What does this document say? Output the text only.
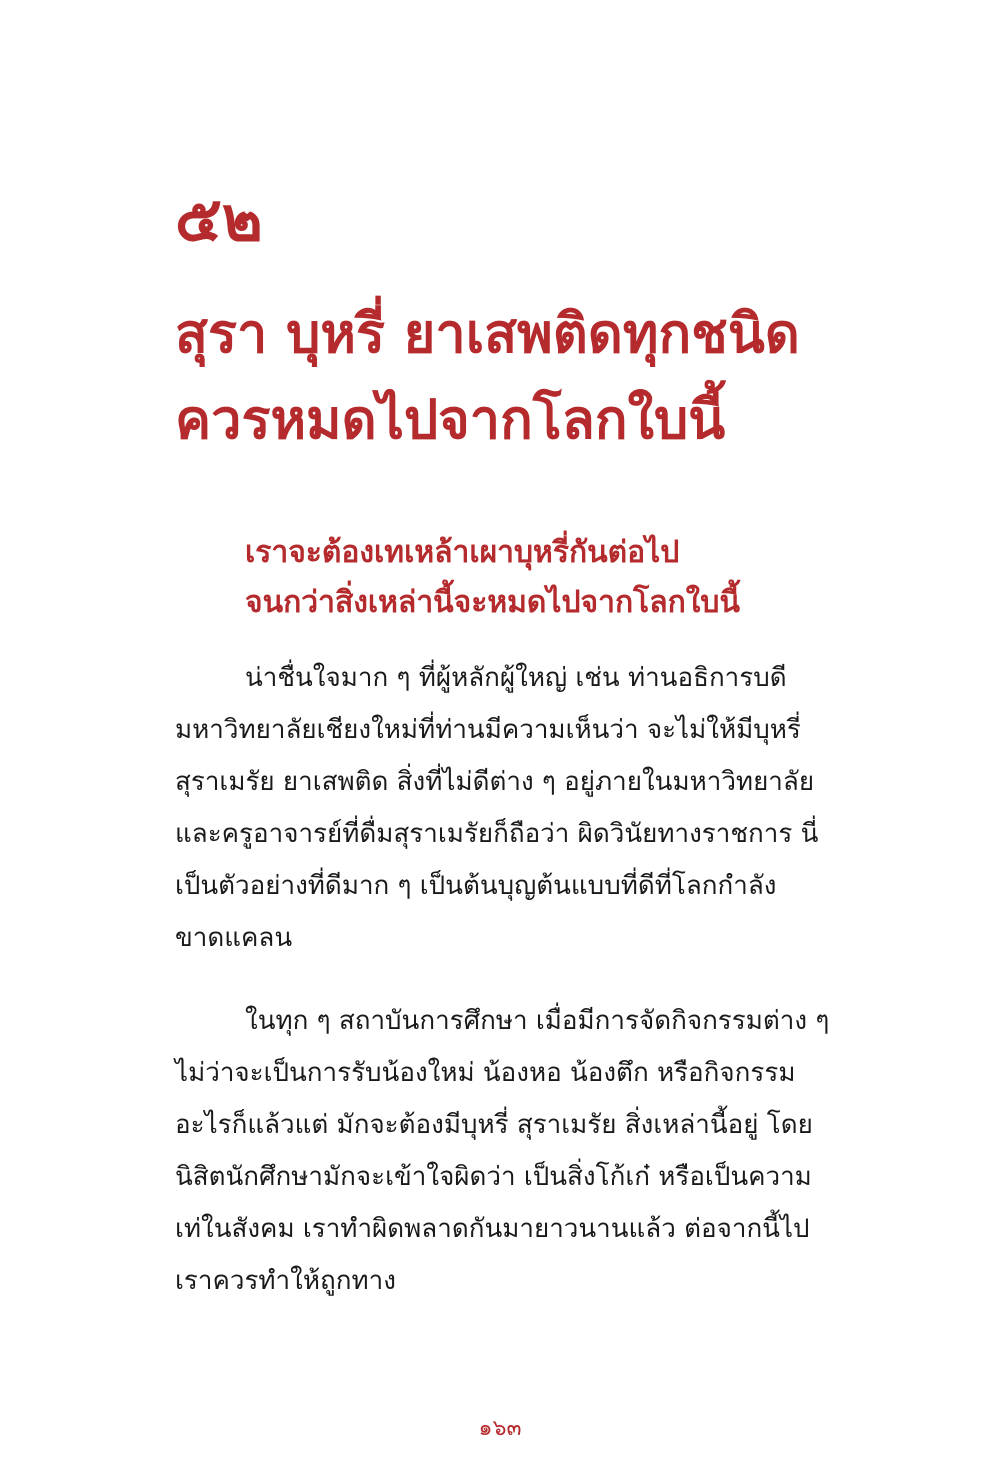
๕๒
สุรา บุหรี่ ยาเสพติดทุกชนิด
ควรหมดไปจากโลกใบนี้
เราจะต้องเทเหล้าเผาบุหรี่กันต่อไป
จนกว่าสิ่งเหล่านี้จะหมดไปจากโลกใบนี้
น่าชื่นใจมาก ๆ ที่ผู้หลักผู้ใหญ่ เช่น ท่านอธิการบดี
มหาวิทยาลัยเชียงใหม่ที่ท่านมีความเห็นว่า จะไม่ให้มีบุหรี่
สุราเมรัย ยาเสพติด สิ่งที่ไม่ดีต่าง ๆ อยู่ภายในมหาวิทยาลัย
และครูอาจารย์ที่ดื่มสุราเมรัยก็ถือว่า ผิดวินัยทางราชการ นี่
เป็นตัวอย่างที่ดีมาก ๆ เป็นต้นบุญต้นแบบที่ดีที่โลกกำลัง
ขาดแคลน
ในทุก ๆ สถาบันการศึกษา เมื่อมีการจัดกิจกรรมต่าง ๆ
ไม่ว่าจะเป็นการรับน้องใหม่ น้องหอ น้องตึก หรือกิจกรรม
อะไรก็แล้วแต่ มักจะต้องมีบุหรี่ สุราเมรัย สิ่งเหล่านี้อยู่ โดย
นิสิตนักศึกษามักจะเข้าใจผิดว่า เป็นสิ่งโก้เก๋ หรือเป็นความ
เท่ในสังคม เราทำผิดพลาดกันมายาวนานแล้ว ต่อจากนี้ไป
เราควรทำให้ถูกทาง

๑๖๓
